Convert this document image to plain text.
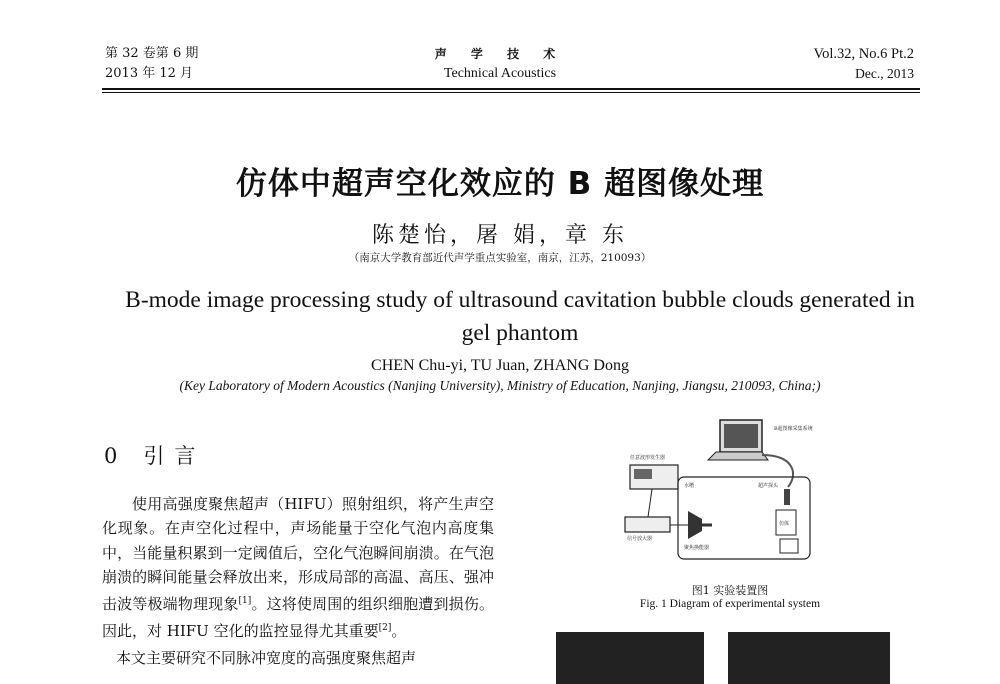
第 32 卷第 6 期
2013 年 12 月
声 学 技 术
Technical Acoustics
Vol.32, No.6 Pt.2
Dec., 2013
仿体中超声空化效应的 B 超图像处理
陈楚怡，屠 娟，章 东
（南京大学教育部近代声学重点实验室，南京，江苏，210093）
B-mode image processing study of ultrasound cavitation bubble clouds generated in gel phantom
CHEN Chu-yi, TU Juan, ZHANG Dong
(Key Laboratory of Modern Acoustics (Nanjing University), Ministry of Education, Nanjing, Jiangsu, 210093, China;)
0 引言

使用高强度聚焦超声（HIFU）照射组织，将产生声空化现象。在声空化过程中，声场能量于空化气泡内高度集中，当能量积累到一定阈值后，空化气泡瞬间崩溃。在气泡崩溃的瞬间能量会释放出来，形成局部的高温、高压、强冲击波等极端物理现象[1]。这将使周围的组织细胞遭到损伤。因此，对 HIFU 空化的监控显得尤其重要[2]。

本文主要研究不同脉冲宽度的高强度聚焦超声

B超图像采集系统
任意波形发生器
信号放大器
水槽	超声探头
聚焦换能器
仿体
图1 实验装置图
Fig. 1 Diagram of experimental system
